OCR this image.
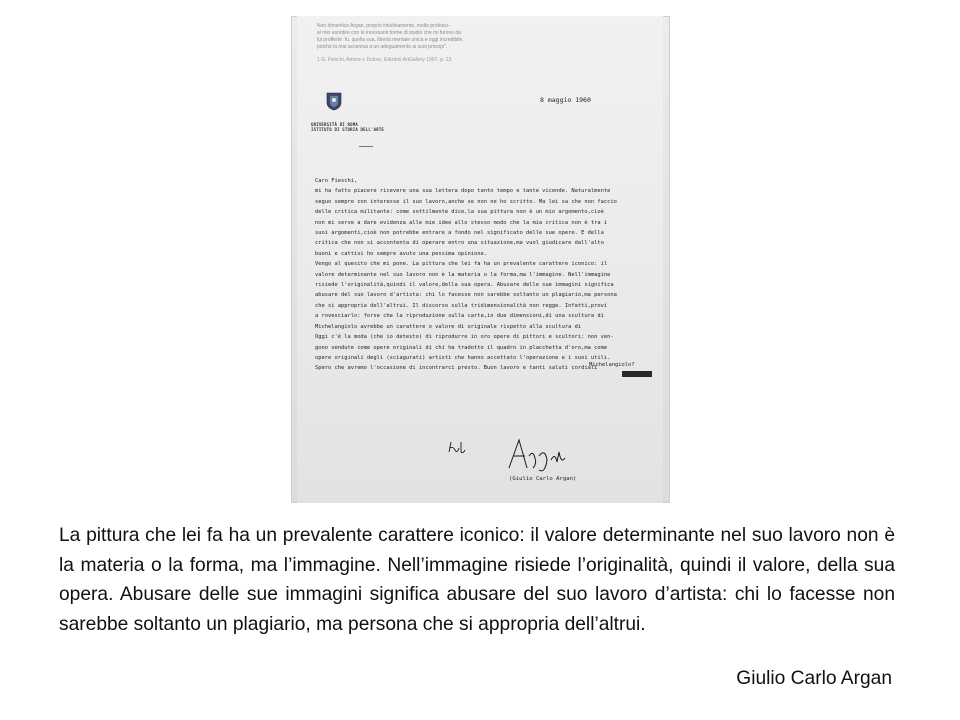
Non dimentico Argan, proprio intuitivamente, molto professi-
al mio esordire con le incessanti forme di studio che mi furono da
lui profferte: fu, quella sua, libertà mentale unica e oggi incredibile,
poiché la mai accennai a un adeguamento ai suoi principi".
1 G. Fieschi, Amore e Dolore, Edizioni ArtGallery 1997, p. 13
UNIVERSITÀ DI ROMA
ISTITUTO DI STORIA DELL'ARTE
8 maggio 1960

Caro Fieschi,

mi ha fatto piacere ricevere una sua lettera dopo tanto tempo e tante vicende. Naturalmente

seguo sempre con interesse il suo lavoro,anche se non ne ho scritto. Ma lei sa che non faccio

delle critica militante: come sottilmente dice,la sua pittura non è un mio argomento,cioè

non mi serve a dare evidenza alle mie idee allo stesso modo che la mia critica non è tra i

suoi argomenti,cioè non potrebbe entrare a fondo nel significato delle sue opere. E della

critica che non si accontenta di operare entro una situazione,ma vuol giudicare dall'alto

buoni e cattivi ho sempre avuto una pessima opinione.

Vengo al quesito che mi pone. La pittura che lei fa ha un prevalente carattere iconico: il

valore determinante nel suo lavoro non è la materia o la forma,ma l'immagine. Nell'immagine

risiede l'originalità,quindi il valore,della sua opera. Abusare delle sue immagini significa

abusare del suo lavoro d'artista: chi lo facesse non sarebbe soltanto un plagiario,ma persona

che si appropria dell'altrui. Il discorso sulla tridimensionalità non regge. Infatti,provi

a rovesciarlo: forse che la riproduzione sulla carta,in due dimensioni,di una scultura di

Michelangiolo avrebbe un carattere o valore di originale rispetto alla scultura di

Oggi c'è la moda (che io detesto) di riprodurre in oro opere di pittori e scultori: non ven-

gono vendute come opere originali di chi ha tradotto il quadro in placchetta d'oro,ma come

opere originali degli (sciagurati) artisti che hanno accettato l'operazione e i suoi utili.

Spero che avremo l'occasione di incontrarci presto. Buon lavoro e tanti saluti cordiali

Michelangiolo?
(Giulio Carlo Argan)

La pittura che lei fa ha un prevalente carattere iconico: il valore determinante nel suo lavoro non è la materia o la forma, ma l’immagine. Nell’immagine risiede l’originalità, quindi il valore, della sua opera. Abusare delle sue immagini significa abusare del suo lavoro d’artista: chi lo facesse non sarebbe soltanto un plagiario, ma persona che si appropria dell’altrui.

Giulio Carlo Argan
